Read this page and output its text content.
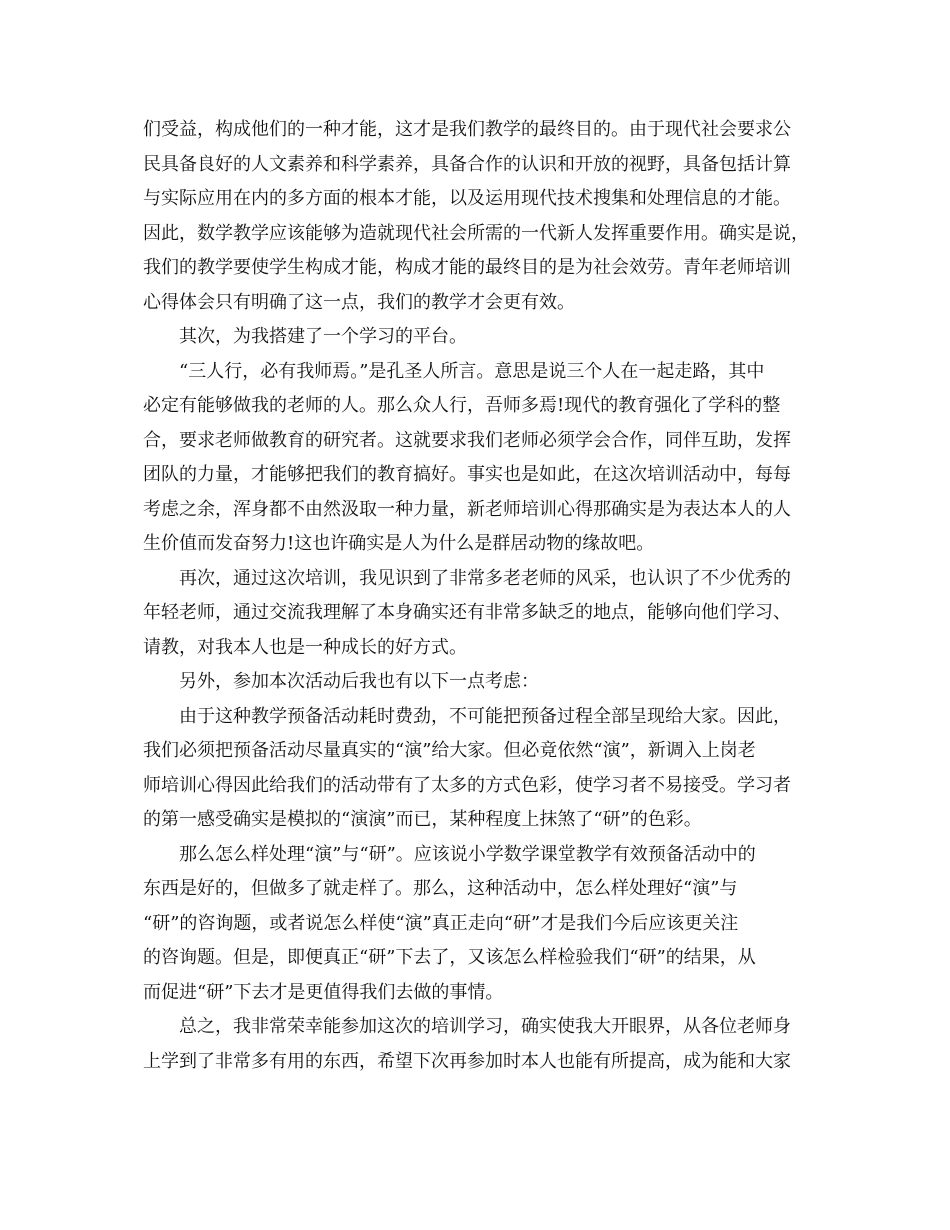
们受益，构成他们的一种才能，这才是我们教学的最终目的。由于现代社会要求公
民具备良好的人文素养和科学素养，具备合作的认识和开放的视野，具备包括计算
与实际应用在内的多方面的根本才能，以及运用现代技术搜集和处理信息的才能。
因此，数学教学应该能够为造就现代社会所需的一代新人发挥重要作用。确实是说，
我们的教学要使学生构成才能，构成才能的最终目的是为社会效劳。青年老师培训
心得体会只有明确了这一点，我们的教学才会更有效。
其次，为我搭建了一个学习的平台。
“三人行，必有我师焉。”是孔圣人所言。意思是说三个人在一起走路，其中
必定有能够做我的老师的人。那么众人行，吾师多焉!现代的教育强化了学科的整
合，要求老师做教育的研究者。这就要求我们老师必须学会合作，同伴互助，发挥
团队的力量，才能够把我们的教育搞好。事实也是如此，在这次培训活动中，每每
考虑之余，浑身都不由然汲取一种力量，新老师培训心得那确实是为表达本人的人
生价值而发奋努力!这也许确实是人为什么是群居动物的缘故吧。
再次，通过这次培训，我见识到了非常多老老师的风采，也认识了不少优秀的
年轻老师，通过交流我理解了本身确实还有非常多缺乏的地点，能够向他们学习、
请教，对我本人也是一种成长的好方式。
另外，参加本次活动后我也有以下一点考虑：
由于这种教学预备活动耗时费劲，不可能把预备过程全部呈现给大家。因此，
我们必须把预备活动尽量真实的“演”给大家。但必竟依然“演”，新调入上岗老
师培训心得因此给我们的活动带有了太多的方式色彩，使学习者不易接受。学习者
的第一感受确实是模拟的“演演”而已，某种程度上抹煞了“研”的色彩。
那么怎么样处理“演”与“研”。应该说小学数学课堂教学有效预备活动中的
东西是好的，但做多了就走样了。那么，这种活动中，怎么样处理好“演”与
“研”的咨询题，或者说怎么样使“演”真正走向“研”才是我们今后应该更关注
的咨询题。但是，即便真正“研”下去了，又该怎么样检验我们“研”的结果，从
而促进“研”下去才是更值得我们去做的事情。
总之，我非常荣幸能参加这次的培训学习，确实使我大开眼界，从各位老师身
上学到了非常多有用的东西，希望下次再参加时本人也能有所提高，成为能和大家
